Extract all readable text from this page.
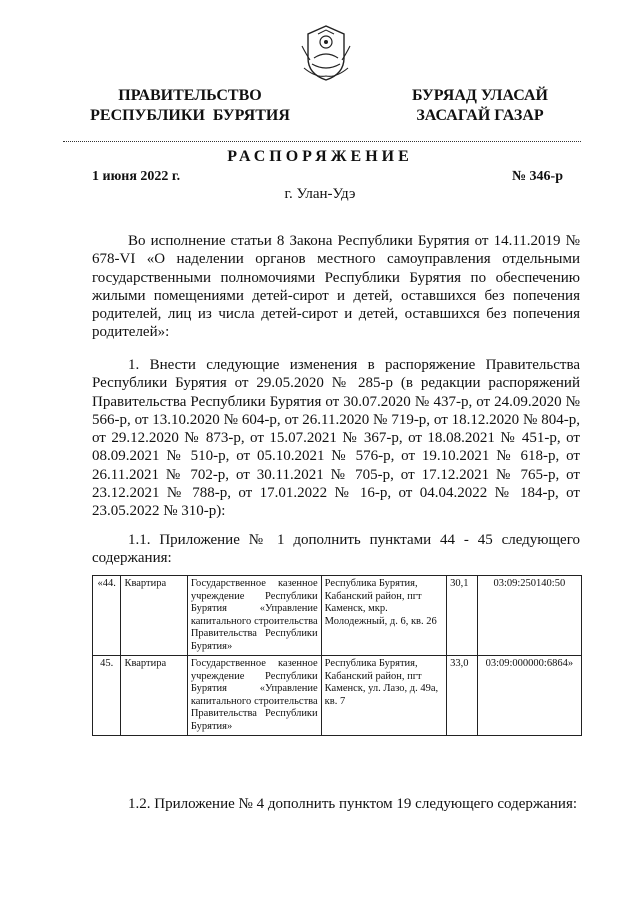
ПРАВИТЕЛЬСТВО
РЕСПУБЛИКИ  БУРЯТИЯ
БУРЯАД УЛАСАЙ
ЗАСАГАЙ ГАЗАР
РАСПОРЯЖЕНИЕ
1 июня 2022 г.	№ 346-р
г. Улан-Удэ
Во исполнение статьи 8 Закона Республики Бурятия от 14.11.2019 № 678-VI «О наделении органов местного самоуправления отдельными государственными полномочиями Республики Бурятия по обеспечению жилыми помещениями детей-сирот и детей, оставшихся без попечения родителей, лиц из числа детей-сирот и детей, оставшихся без попечения родителей»:
1. Внести следующие изменения в распоряжение Правительства Республики Бурятия от 29.05.2020 № 285-р (в редакции распоряжений Правительства Республики Бурятия от 30.07.2020 № 437-р, от 24.09.2020 № 566-р, от 13.10.2020 № 604-р, от 26.11.2020 № 719-р, от 18.12.2020 № 804-р, от 29.12.2020 № 873-р, от 15.07.2021 № 367-р, от 18.08.2021 № 451-р, от 08.09.2021 № 510-р, от 05.10.2021 № 576-р, от 19.10.2021 № 618-р, от 26.11.2021 № 702-р, от 30.11.2021 № 705-р, от 17.12.2021 № 765-р, от 23.12.2021 № 788-р, от 17.01.2022 № 16-р, от 04.04.2022 № 184-р, от 23.05.2022 № 310-р):
1.1. Приложение № 1 дополнить пунктами 44 - 45 следующего содержания:
«44.	Квартира	Государственное казенное учреждение Республики Бурятия «Управление капитального строительства Правительства Республики Бурятия»	Республика Бурятия, Кабанский район, пгт Каменск, мкр. Молодежный, д. 6, кв. 26	30,1	03:09:250140:50
45.	Квартира	Государственное казенное учреждение Республики Бурятия «Управление капитального строительства Правительства Республики Бурятия»	Республика Бурятия, Кабанский район, пгт Каменск, ул. Лазо, д. 49а, кв. 7	33,0	03:09:000000:6864»
1.2. Приложение № 4 дополнить пунктом 19 следующего содержания:
